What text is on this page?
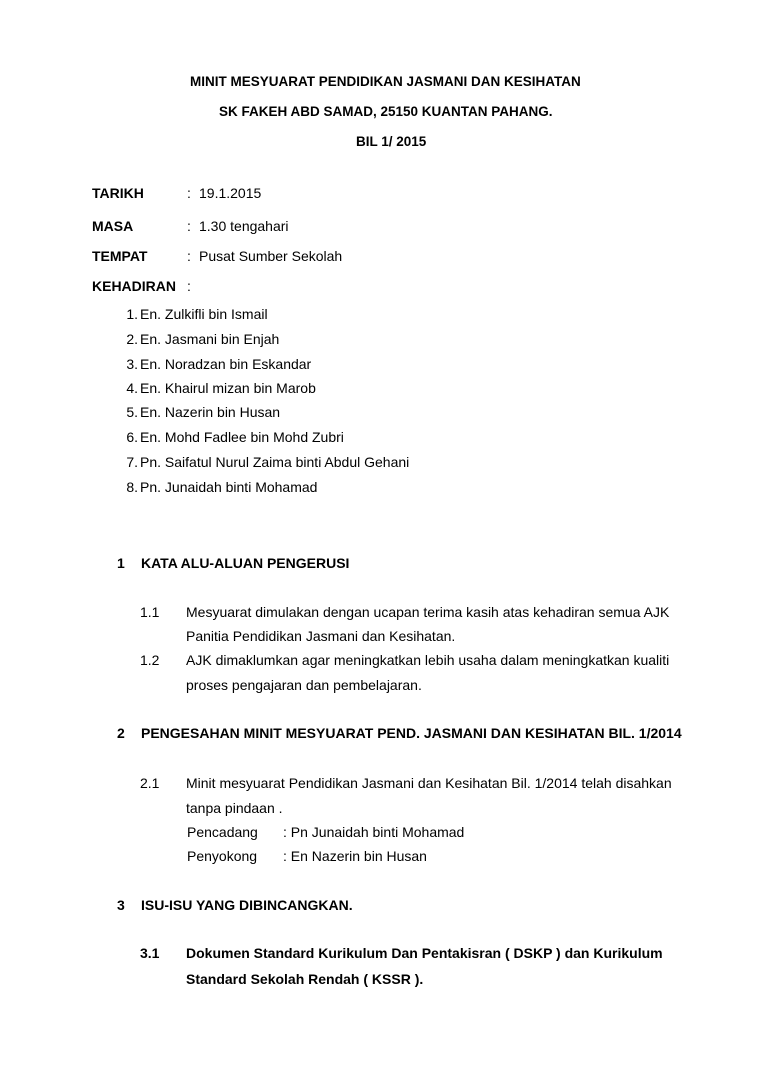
MINIT MESYUARAT PENDIDIKAN JASMANI DAN KESIHATAN
SK FAKEH ABD SAMAD, 25150 KUANTAN PAHANG.
BIL 1/ 2015
TARIKH	: 19.1.2015
MASA	: 1.30 tengahari
TEMPAT	: Pusat Sumber Sekolah
KEHADIRAN :
1. En. Zulkifli bin Ismail
2. En. Jasmani bin Enjah
3. En. Noradzan bin Eskandar
4. En. Khairul mizan bin Marob
5. En. Nazerin bin Husan
6. En. Mohd Fadlee bin Mohd Zubri
7. Pn. Saifatul Nurul Zaima binti Abdul Gehani
8. Pn. Junaidah binti Mohamad
1 KATA ALU-ALUAN PENGERUSI
1.1 Mesyuarat dimulakan dengan ucapan terima kasih atas kehadiran semua AJK
Panitia Pendidikan Jasmani dan Kesihatan.
1.2 AJK dimaklumkan agar meningkatkan lebih usaha dalam meningkatkan kualiti
proses pengajaran dan pembelajaran.
2 PENGESAHAN MINIT MESYUARAT PEND. JASMANI DAN KESIHATAN BIL. 1/2014
2.1 Minit mesyuarat Pendidikan Jasmani dan Kesihatan Bil. 1/2014 telah disahkan
tanpa pindaan .
Pencadang : Pn Junaidah binti Mohamad
Penyokong : En Nazerin bin Husan
3 ISU-ISU YANG DIBINCANGKAN.
3.1 Dokumen Standard Kurikulum Dan Pentakisran ( DSKP ) dan Kurikulum
Standard Sekolah Rendah ( KSSR ).
